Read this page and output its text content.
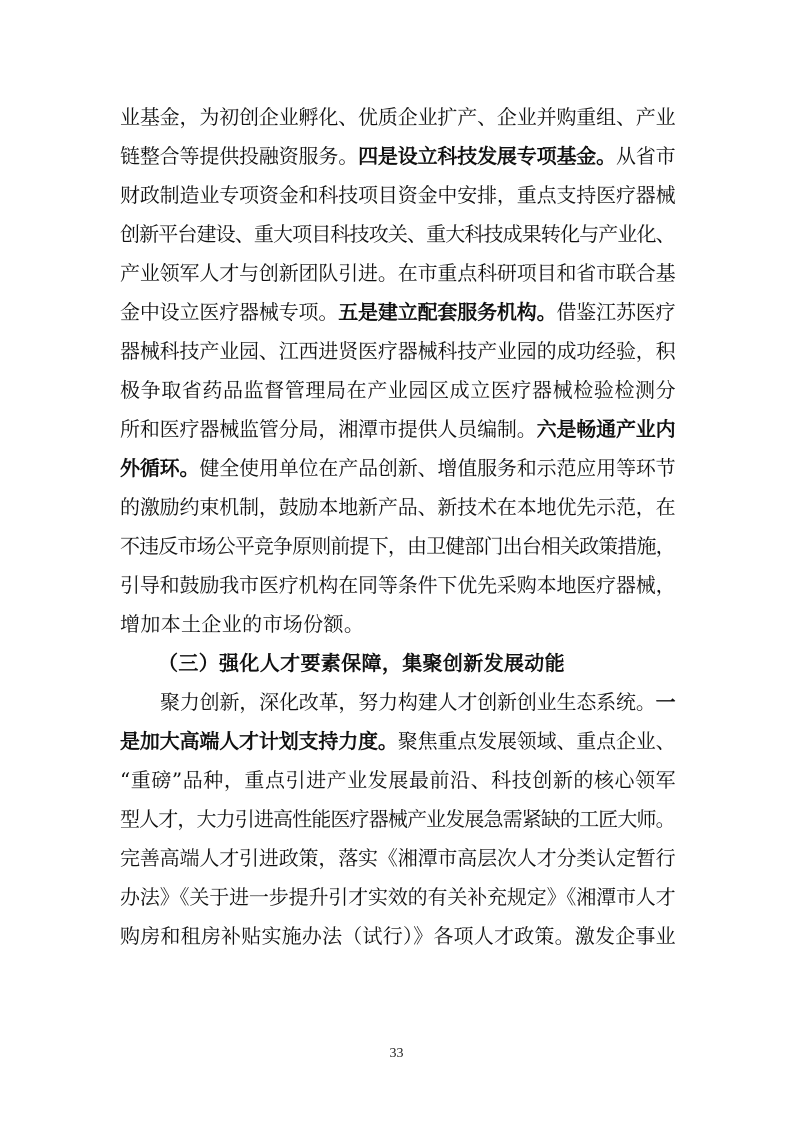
业基金，为初创企业孵化、优质企业扩产、企业并购重组、产业
链整合等提供投融资服务。四是设立科技发展专项基金。从省市
财政制造业专项资金和科技项目资金中安排，重点支持医疗器械
创新平台建设、重大项目科技攻关、重大科技成果转化与产业化、
产业领军人才与创新团队引进。在市重点科研项目和省市联合基
金中设立医疗器械专项。五是建立配套服务机构。借鉴江苏医疗
器械科技产业园、江西进贤医疗器械科技产业园的成功经验，积
极争取省药品监督管理局在产业园区成立医疗器械检验检测分
所和医疗器械监管分局，湘潭市提供人员编制。六是畅通产业内
外循环。健全使用单位在产品创新、增值服务和示范应用等环节
的激励约束机制，鼓励本地新产品、新技术在本地优先示范，在
不违反市场公平竞争原则前提下，由卫健部门出台相关政策措施，
引导和鼓励我市医疗机构在同等条件下优先采购本地医疗器械，
增加本土企业的市场份额。
（三）强化人才要素保障，集聚创新发展动能
聚力创新，深化改革，努力构建人才创新创业生态系统。一
是加大高端人才计划支持力度。聚焦重点发展领域、重点企业、
“重磅”品种，重点引进产业发展最前沿、科技创新的核心领军
型人才，大力引进高性能医疗器械产业发展急需紧缺的工匠大师。
完善高端人才引进政策，落实《湘潭市高层次人才分类认定暂行
办法》《关于进一步提升引才实效的有关补充规定》《湘潭市人才
购房和租房补贴实施办法（试行）》各项人才政策。激发企事业
33
